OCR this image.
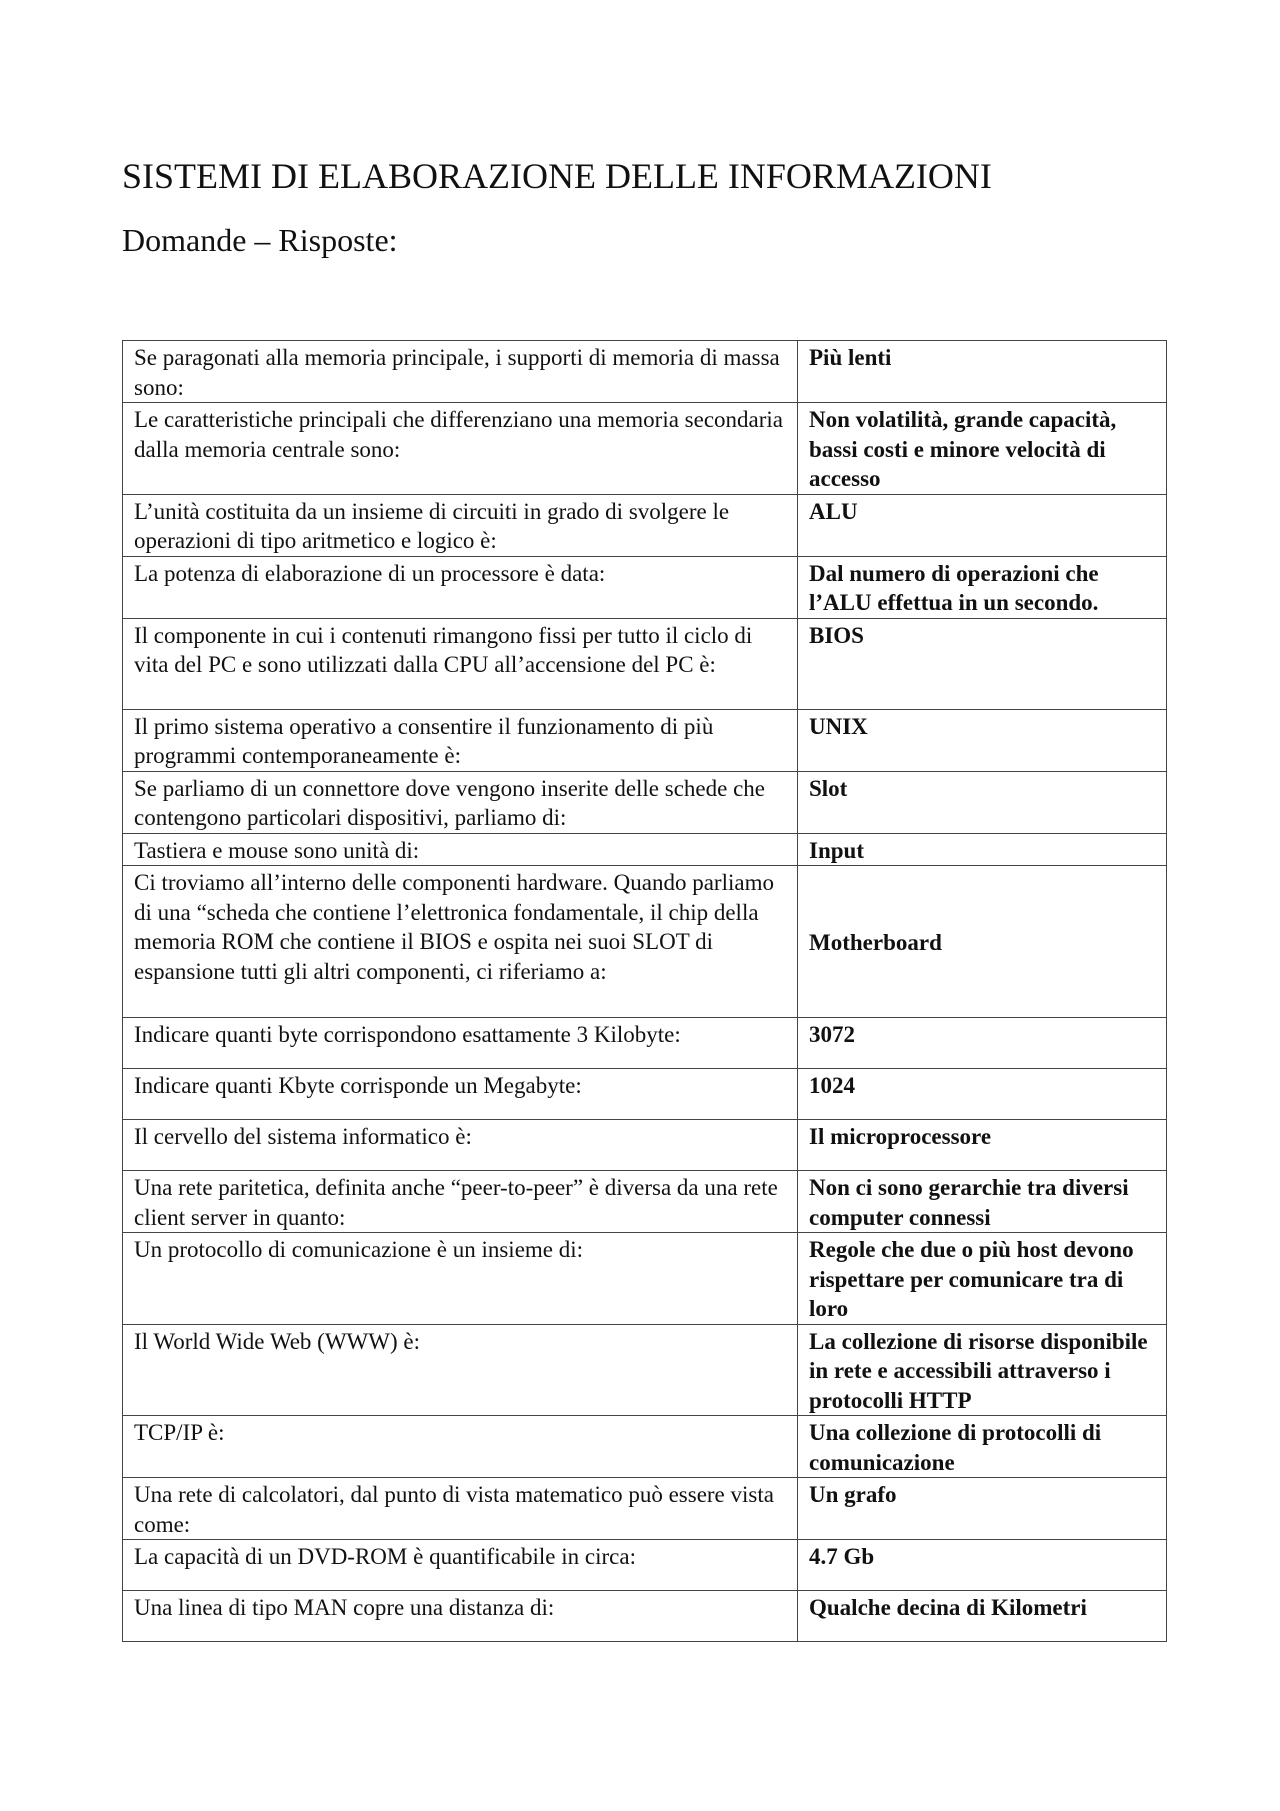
SISTEMI DI ELABORAZIONE DELLE INFORMAZIONI
Domande – Risposte:
Se paragonati alla memoria principale, i supporti di memoria di massa sono:	Più lenti
Le caratteristiche principali che differenziano una memoria secondaria dalla memoria centrale sono:	Non volatilità, grande capacità, bassi costi e minore velocità di accesso
L’unità costituita da un insieme di circuiti in grado di svolgere le operazioni di tipo aritmetico e logico è:	ALU
La potenza di elaborazione di un processore è data:	Dal numero di operazioni che l’ALU effettua in un secondo.
Il componente in cui i contenuti rimangono fissi per tutto il ciclo di vita del PC e sono utilizzati dalla CPU all’accensione del PC è:	BIOS
Il primo sistema operativo a consentire il funzionamento di più programmi contemporaneamente è:	UNIX
Se parliamo di un connettore dove vengono inserite delle schede che contengono particolari dispositivi, parliamo di:	Slot
Tastiera e mouse sono unità di:	Input
Ci troviamo all’interno delle componenti hardware. Quando parliamo di una “scheda che contiene l’elettronica fondamentale, il chip della memoria ROM che contiene il BIOS e ospita nei suoi SLOT di espansione tutti gli altri componenti, ci riferiamo a:	Motherboard
Indicare quanti byte corrispondono esattamente 3 Kilobyte:	3072
Indicare quanti Kbyte corrisponde un Megabyte:	1024
Il cervello del sistema informatico è:	Il microprocessore
Una rete paritetica, definita anche “peer-to-peer” è diversa da una rete client server in quanto:	Non ci sono gerarchie tra diversi computer connessi
Un protocollo di comunicazione è un insieme di:	Regole che due o più host devono rispettare per comunicare tra di loro
Il World Wide Web (WWW) è:	La collezione di risorse disponibile in rete e accessibili attraverso i protocolli HTTP
TCP/IP è:	Una collezione di protocolli di comunicazione
Una rete di calcolatori, dal punto di vista matematico può essere vista come:	Un grafo
La capacità di un DVD-ROM è quantificabile in circa:	4.7 Gb
Una linea di tipo MAN copre una distanza di:	Qualche decina di Kilometri
